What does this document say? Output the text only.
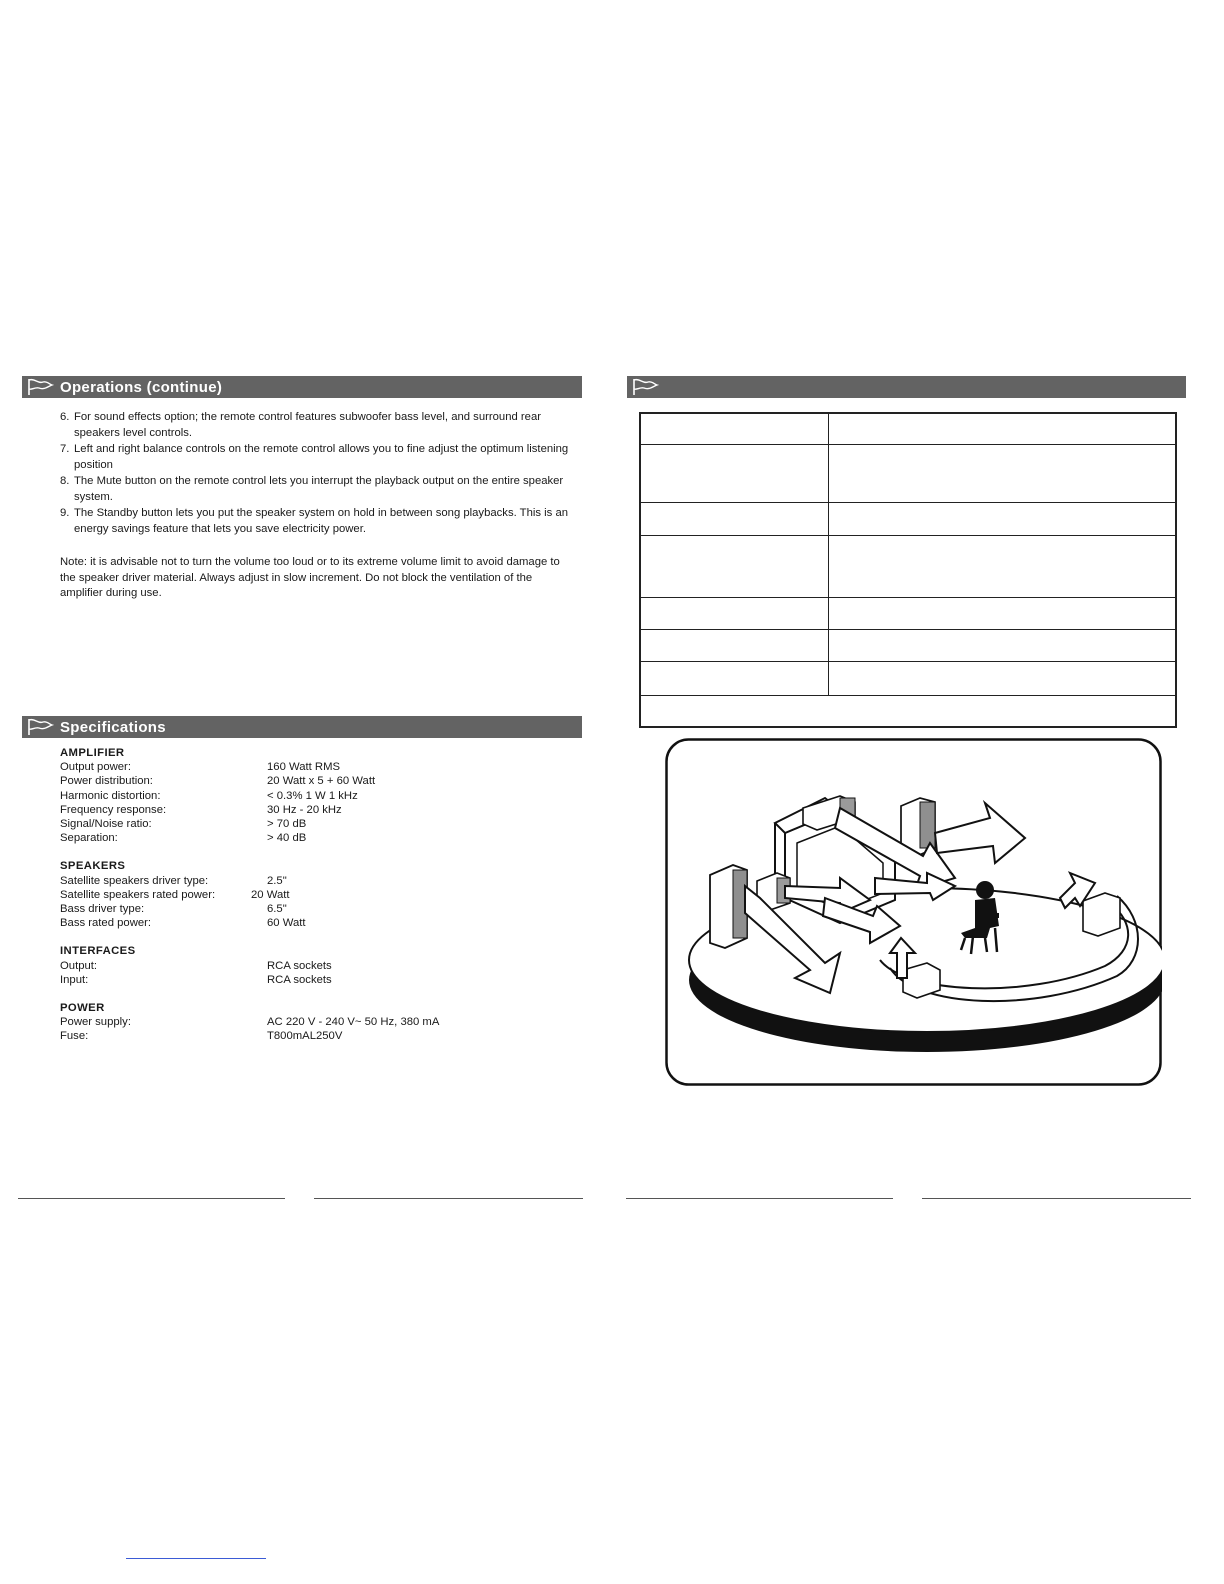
Operations (continue)
6. For sound effects option; the remote control features subwoofer bass level, and surround rear speakers level controls.
7. Left and right balance controls on the remote control allows you to fine adjust the optimum listening position
8. The Mute button on the remote control lets you interrupt the playback output on the entire speaker system.
9. The Standby button lets you put the speaker system on hold in between song playbacks. This is an energy savings feature that lets you save electricity power.
Note: it is advisable not to turn the volume too loud or to its extreme volume limit to avoid damage to the speaker driver material. Always adjust in slow increment. Do not block the ventilation of the amplifier during use.
Specifications
AMPLIFIER
Output power:	160 Watt RMS
Power distribution:	20 Watt x 5 + 60 Watt
Harmonic distortion:	< 0.3% 1 W 1 kHz
Frequency response:	30 Hz - 20 kHz
Signal/Noise ratio:	> 70 dB
Separation:	> 40 dB
SPEAKERS
Satellite speakers driver type:	2.5"
Satellite speakers rated power:	20 Watt
Bass driver type:	6.5"
Bass rated power:	60 Watt
INTERFACES
Output:	RCA sockets
Input:	RCA sockets
POWER
Power supply:	AC 220 V - 240 V~ 50 Hz, 380 mA
Fuse:	T800mAL250V
